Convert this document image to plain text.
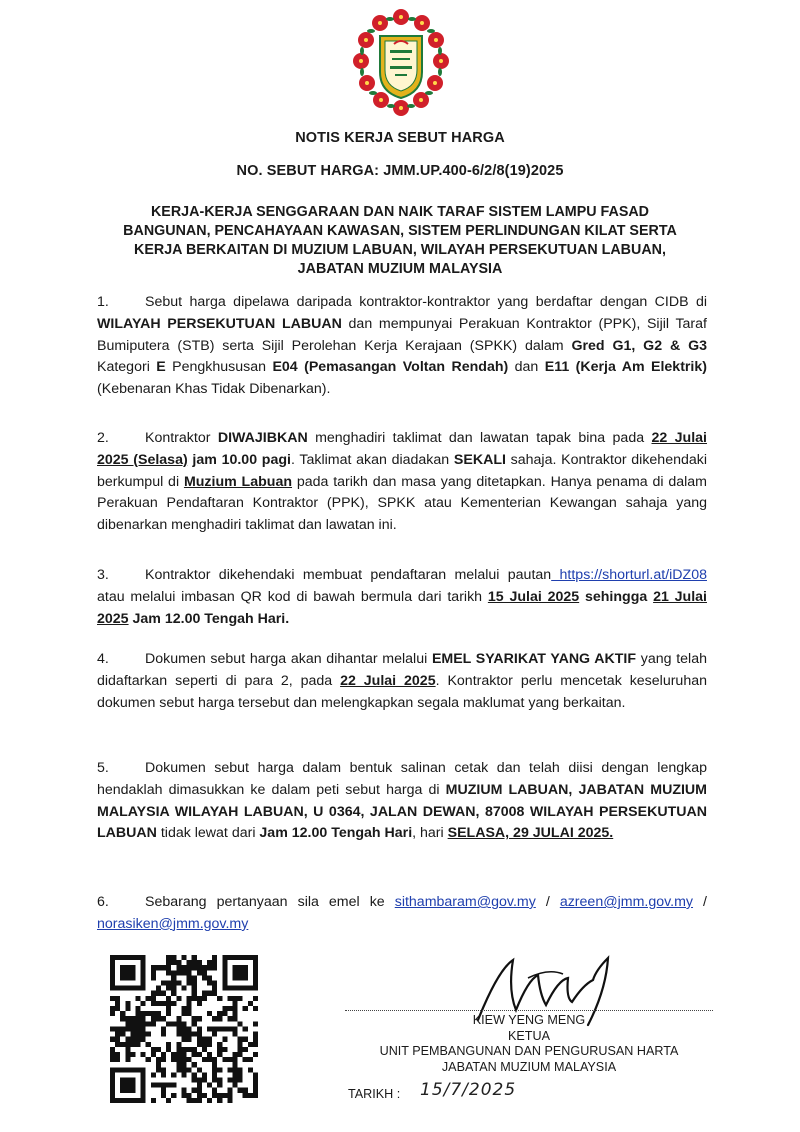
NOTIS KERJA SEBUT HARGA
NO. SEBUT HARGA: JMM.UP.400-6/2/8(19)2025
KERJA-KERJA SENGGARAAN DAN NAIK TARAF SISTEM LAMPU FASAD
BANGUNAN, PENCAHAYAAN KAWASAN, SISTEM PERLINDUNGAN KILAT SERTA
KERJA BERKAITAN DI MUZIUM LABUAN, WILAYAH PERSEKUTUAN LABUAN,
JABATAN MUZIUM MALAYSIA
1.	Sebut harga dipelawa daripada kontraktor-kontraktor yang berdaftar dengan CIDB di WILAYAH PERSEKUTUAN LABUAN dan mempunyai Perakuan Kontraktor (PPK), Sijil Taraf Bumiputera (STB) serta Sijil Perolehan Kerja Kerajaan (SPKK) dalam Gred G1, G2 & G3 Kategori E Pengkhususan E04 (Pemasangan Voltan Rendah) dan E11 (Kerja Am Elektrik) (Kebenaran Khas Tidak Dibenarkan).
2.	Kontraktor DIWAJIBKAN menghadiri taklimat dan lawatan tapak bina pada 22 Julai 2025 (Selasa) jam 10.00 pagi. Taklimat akan diadakan SEKALI sahaja. Kontraktor dikehendaki berkumpul di Muzium Labuan pada tarikh dan masa yang ditetapkan. Hanya penama di dalam Perakuan Pendaftaran Kontraktor (PPK), SPKK atau Kementerian Kewangan sahaja yang dibenarkan menghadiri taklimat dan lawatan ini.
3.	Kontraktor dikehendaki membuat pendaftaran melalui pautan https://shorturl.at/iDZ08 atau melalui imbasan QR kod di bawah bermula dari tarikh 15 Julai 2025 sehingga 21 Julai 2025 Jam 12.00 Tengah Hari.
4.	Dokumen sebut harga akan dihantar melalui EMEL SYARIKAT YANG AKTIF yang telah didaftarkan seperti di para 2, pada 22 Julai 2025. Kontraktor perlu mencetak keseluruhan dokumen sebut harga tersebut dan melengkapkan segala maklumat yang berkaitan.
5.	Dokumen sebut harga dalam bentuk salinan cetak dan telah diisi dengan lengkap hendaklah dimasukkan ke dalam peti sebut harga di MUZIUM LABUAN, JABATAN MUZIUM MALAYSIA WILAYAH LABUAN, U 0364, JALAN DEWAN, 87008 WILAYAH PERSEKUTUAN LABUAN tidak lewat dari Jam 12.00 Tengah Hari, hari SELASA, 29 JULAI 2025.
6.	Sebarang pertanyaan sila emel ke sithambaram@gov.my / azreen@jmm.gov.my / norasiken@jmm.gov.my
KIEW YENG MENG
KETUA
UNIT PEMBANGUNAN DAN PENGURUSAN HARTA
JABATAN MUZIUM MALAYSIA
TARIKH : 15/7/2025
